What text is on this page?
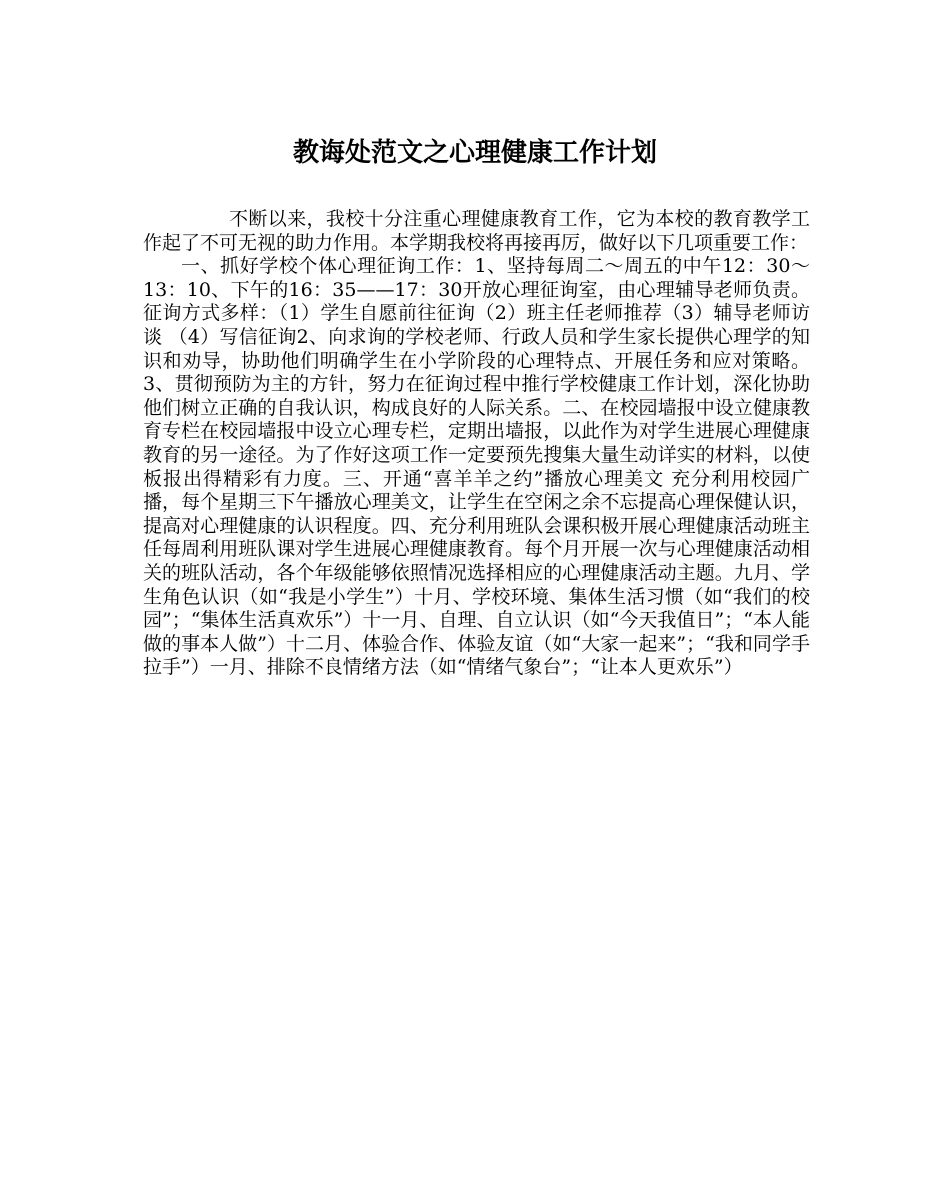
教诲处范文之心理健康工作计划

不断以来，我校十分注重心理健康教育工作，它为本校的教育教学工作起了不可无视的助力作用。本学期我校将再接再厉，做好以下几项重要工作：

一、抓好学校个体心理征询工作：1、坚持每周二～周五的中午12：30～13：10、下午的16：35——17：30开放心理征询室，由心理辅导老师负责。征询方式多样：（1）学生自愿前往征询（2）班主任老师推荐（3）辅导老师访谈 （4）写信征询2、向求询的学校老师、行政人员和学生家长提供心理学的知识和劝导，协助他们明确学生在小学阶段的心理特点、开展任务和应对策略。 3、贯彻预防为主的方针，努力在征询过程中推行学校健康工作计划，深化协助他们树立正确的自我认识，构成良好的人际关系。二、在校园墙报中设立健康教育专栏在校园墙报中设立心理专栏，定期出墙报，以此作为对学生进展心理健康教育的另一途径。为了作好这项工作一定要预先搜集大量生动详实的材料，以使板报出得精彩有力度。三、开通“喜羊羊之约”播放心理美文 充分利用校园广播，每个星期三下午播放心理美文，让学生在空闲之余不忘提高心理保健认识，提高对心理健康的认识程度。四、充分利用班队会课积极开展心理健康活动班主任每周利用班队课对学生进展心理健康教育。每个月开展一次与心理健康活动相关的班队活动，各个年级能够依照情况选择相应的心理健康活动主题。九月、学生角色认识（如“我是小学生”）十月、学校环境、集体生活习惯（如“我们的校园”；“集体生活真欢乐”）十一月、自理、自立认识（如“今天我值日”；“本人能做的事本人做”）十二月、体验合作、体验友谊（如“大家一起来”；“我和同学手拉手”）一月、排除不良情绪方法（如“情绪气象台”；“让本人更欢乐”）
